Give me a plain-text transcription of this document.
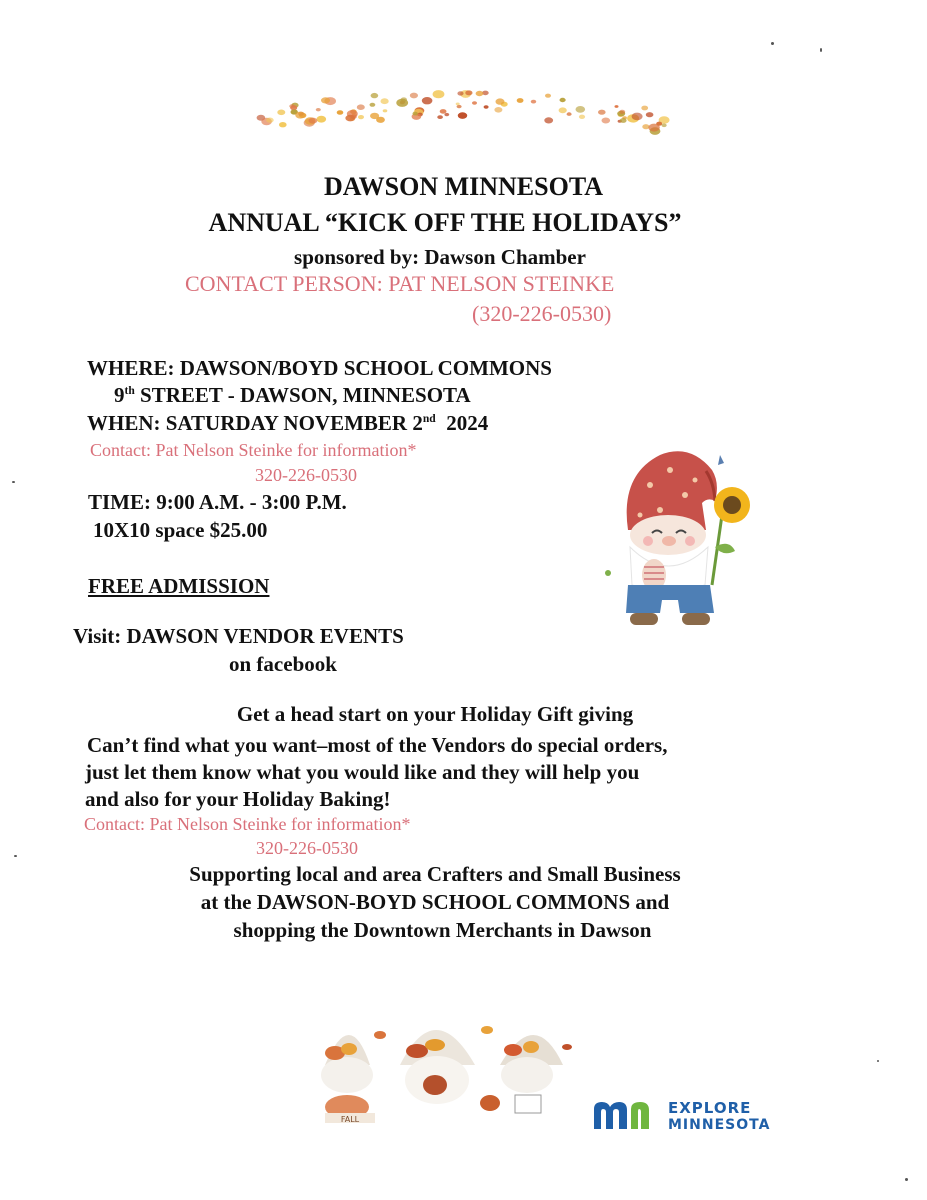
DAWSON MINNESOTA
ANNUAL “KICK OFF THE HOLIDAYS”
sponsored by: Dawson Chamber
CONTACT PERSON: PAT NELSON STEINKE
(320-226-0530)
WHERE: DAWSON/BOYD SCHOOL COMMONS
9th STREET - DAWSON, MINNESOTA
WHEN: SATURDAY NOVEMBER 2nd  2024
Contact: Pat Nelson Steinke for information*
320-226-0530
TIME: 9:00 A.M. - 3:00 P.M.
10X10 space $25.00
FREE ADMISSION
Visit: DAWSON VENDOR EVENTS
on facebook
Get a head start on your Holiday Gift giving
Can’t find what you want–most of the Vendors do special orders,
just let them know what you would like and they will help you
and also for your Holiday Baking!
Contact: Pat Nelson Steinke for information*
320-226-0530
Supporting local and area Crafters and Small Business
at the DAWSON-BOYD SCHOOL COMMONS and
shopping the Downtown Merchants in Dawson
FALL
EXPLORE
MINNESOTA
